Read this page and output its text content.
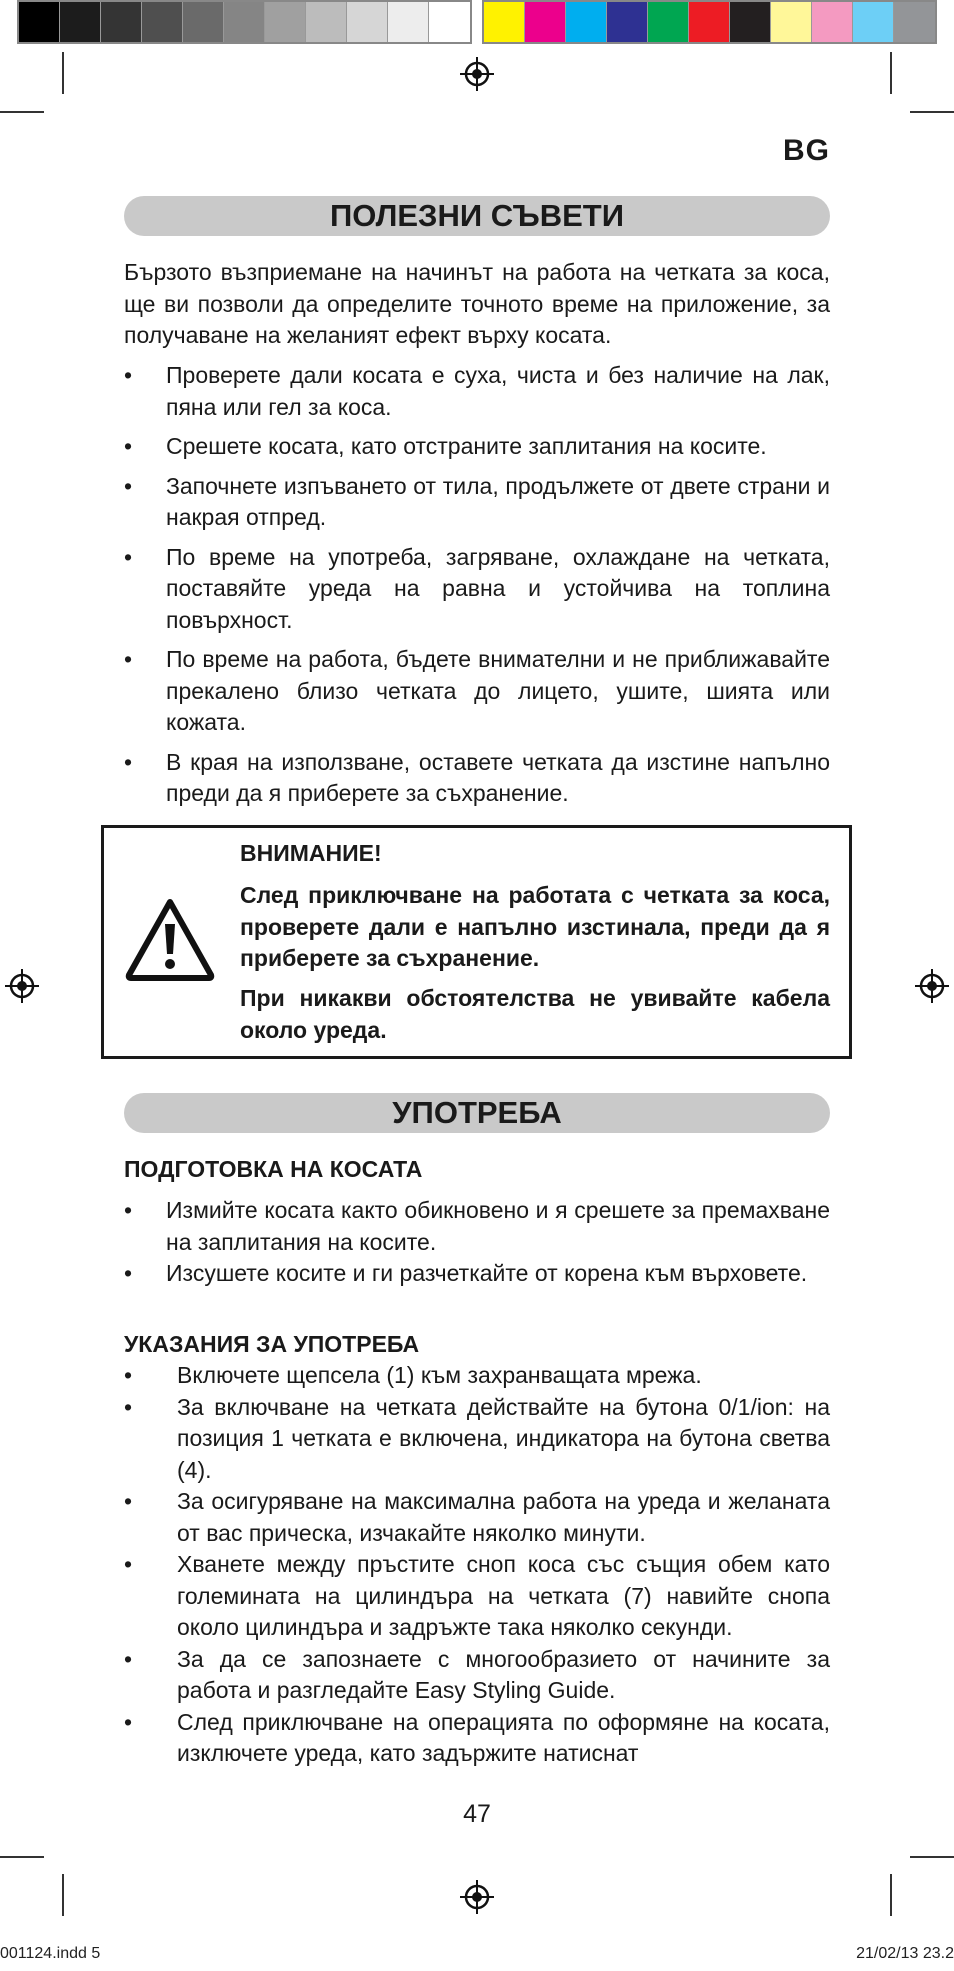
BG
ПОЛЕЗНИ СЪВЕТИ
Бързото възприемане на начинът на работа на четката за коса, ще ви позволи да определите точното време на приложение, за получаване на желаният ефект върху косата.
• Проверете дали косата е суха, чиста и без наличие на лак, пяна или гел за коса.
• Срешете косата, като отстраните заплитания на косите.
• Започнете изпъването от тила, продължете от двете страни и накрая отпред.
• По време на употреба, загряване, охлаждане на четката, поставяйте уреда на равна и устойчива на топлина повърхност.
• По време на работа, бъдете внимателни и не приближавайте прекалено близо четката до лицето, ушите, шията или кожата.
• В края на използване, оставете четката да изстине напълно преди да я приберете за съхранение.
ВНИМАНИЕ!
След приключване на работата с четката за коса, проверете дали е напълно изстинала, преди да я приберете за съхранение.
При никакви обстоятелства не увивайте кабела около уреда.
УПОТРЕБА
ПОДГОТОВКА НА КОСАТА
• Измийте косата както обикновено и я срешете за премахване на заплитания на косите.
• Изсушете косите и ги разчеткайте от корена към върховете.
УКАЗАНИЯ ЗА УПОТРЕБА
• Включете щепсела (1) към захранващата мрежа.
• За включване на четката действайте на бутона 0/1/ion: на позиция 1 четката е включена, индикатора на бутона светва (4).
• За осигуряване на максимална работа на уреда и желаната от вас прическа, изчакайте няколко минути.
• Хванете между пръстите сноп коса със същия обем като големината на цилиндъра на четката (7) навийте снопа около цилиндъра и задръжте така няколко секунди.
• За да се запознаете с многообразието от начините за работа и разгледайте Easy Styling Guide.
• След приключване на операцията по оформяне на косата, изключете уреда, като задържите натиснат
47
001124.indd 5	21/02/13 23.2
